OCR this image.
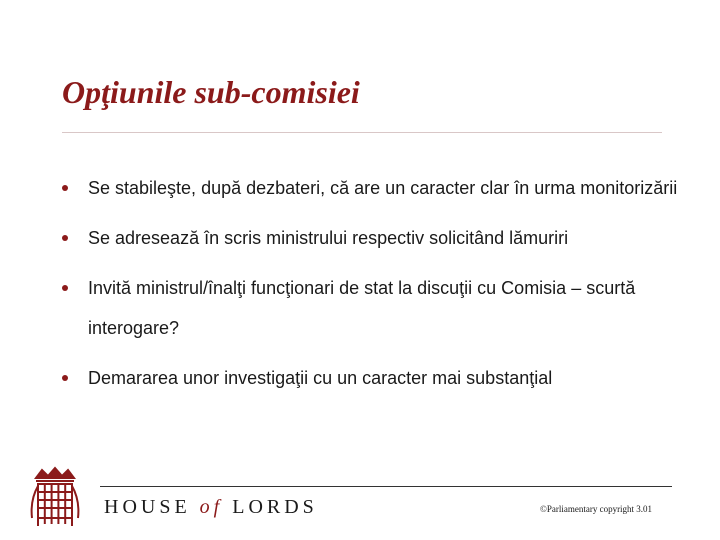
Opţiunile sub-comisiei
Se stabileşte, după dezbateri, că are un caracter clar în urma monitorizării
Se adresează în scris ministrului respectiv solicitând lămuriri
Invită ministrul/înalţi funcţionari de stat la discuţii cu Comisia – scurtă interogare?
Demararea unor investigaţii cu un caracter mai substanţial
HOUSE of LORDS	©Parliamentary copyright 3.01
